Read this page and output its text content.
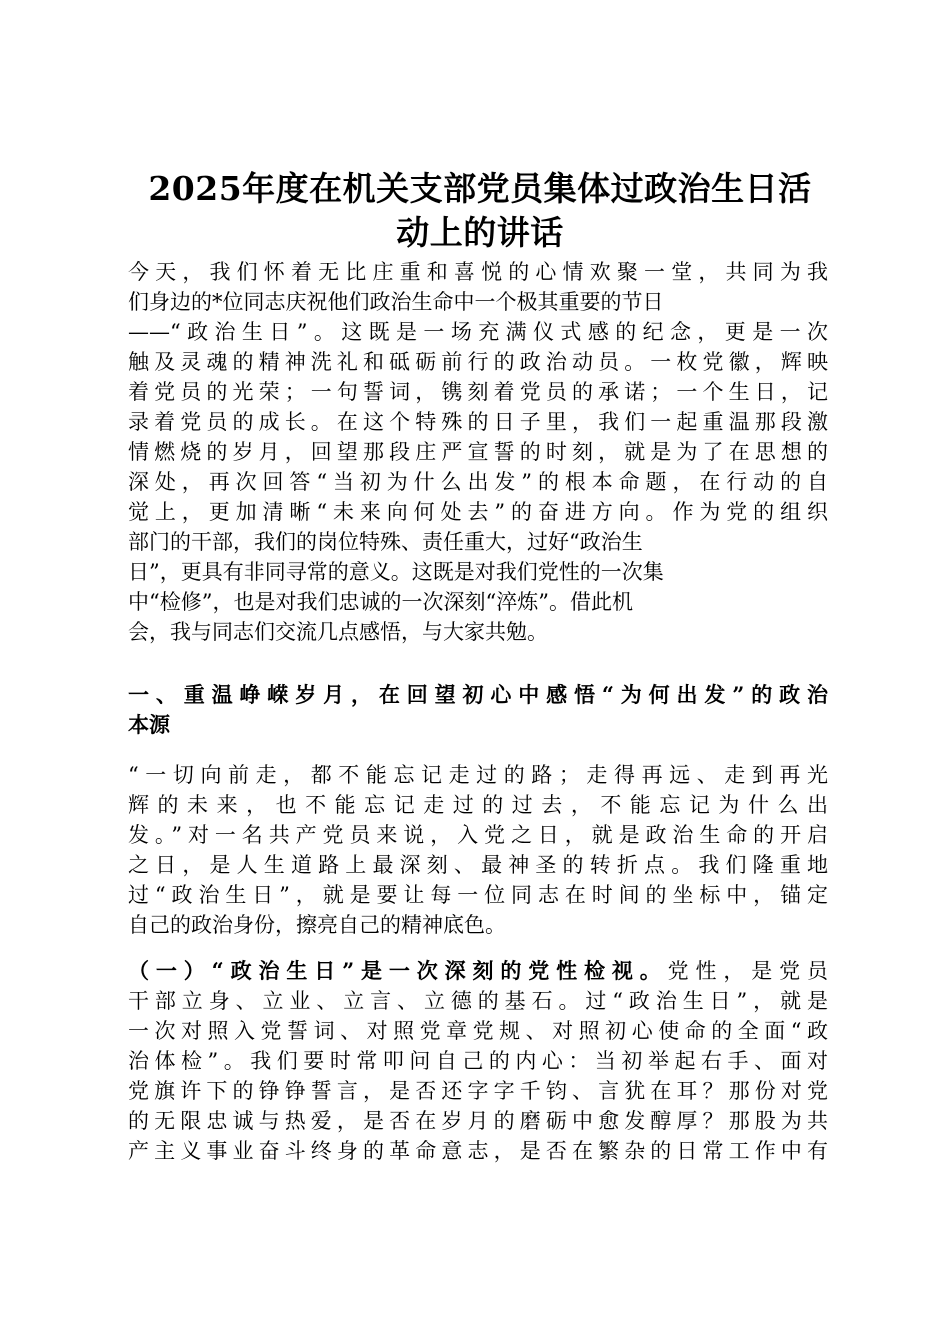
2025年度在机关支部党员集体过政治生日活
动上的讲话
今天，我们怀着无比庄重和喜悦的心情欢聚一堂，共同为我
们身边的*位同志庆祝他们政治生命中一个极其重要的节日
——“政治生日”。这既是一场充满仪式感的纪念，更是一次
触及灵魂的精神洗礼和砥砺前行的政治动员。一枚党徽，辉映
着党员的光荣；一句誓词，镌刻着党员的承诺；一个生日，记
录着党员的成长。在这个特殊的日子里，我们一起重温那段激
情燃烧的岁月，回望那段庄严宣誓的时刻，就是为了在思想的
深处，再次回答“当初为什么出发”的根本命题，在行动的自
觉上，更加清晰“未来向何处去”的奋进方向。作为党的组织
部门的干部，我们的岗位特殊、责任重大，过好“政治生
日”，更具有非同寻常的意义。这既是对我们党性的一次集
中“检修”，也是对我们忠诚的一次深刻“淬炼”。借此机
会，我与同志们交流几点感悟，与大家共勉。
一、重温峥嵘岁月，在回望初心中感悟“为何出发”的政治
本源
“一切向前走，都不能忘记走过的路；走得再远、走到再光
辉的未来，也不能忘记走过的过去，不能忘记为什么出
发。”对一名共产党员来说，入党之日，就是政治生命的开启
之日，是人生道路上最深刻、最神圣的转折点。我们隆重地
过“政治生日”，就是要让每一位同志在时间的坐标中，锚定
自己的政治身份，擦亮自己的精神底色。
（一）“政治生日”是一次深刻的党性检视。党性，是党员
干部立身、立业、立言、立德的基石。过“政治生日”，就是
一次对照入党誓词、对照党章党规、对照初心使命的全面“政
治体检”。我们要时常叩问自己的内心：当初举起右手、面对
党旗许下的铮铮誓言，是否还字字千钧、言犹在耳？那份对党
的无限忠诚与热爱，是否在岁月的磨砺中愈发醇厚？那股为共
产主义事业奋斗终身的革命意志，是否在繁杂的日常工作中有
